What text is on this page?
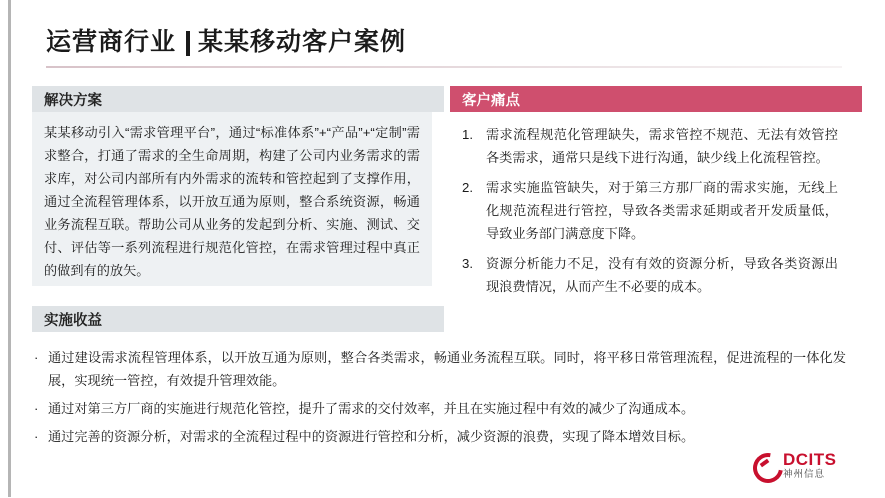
运营商行业 某某移动客户案例
解决方案
某某移动引入“需求管理平台”，通过“标准体系”+“产品”+“定制”需求整合，打通了需求的全生命周期，构建了公司内业务需求的需求库，对公司内部所有内外需求的流转和管控起到了支撑作用，通过全流程管理体系，以开放互通为原则，整合系统资源，畅通业务流程互联。帮助公司从业务的发起到分析、实施、测试、交付、评估等一系列流程进行规范化管控，在需求管理过程中真正的做到有的放矢。
客户痛点
1. 需求流程规范化管理缺失，需求管控不规范、无法有效管控各类需求，通常只是线下进行沟通，缺少线上化流程管控。
2. 需求实施监管缺失，对于第三方那厂商的需求实施，无线上化规范流程进行管控，导致各类需求延期或者开发质量低，导致业务部门满意度下降。
3. 资源分析能力不足，没有有效的资源分析，导致各类资源出现浪费情况，从而产生不必要的成本。
实施收益
· 通过建设需求流程管理体系，以开放互通为原则，整合各类需求，畅通业务流程互联。同时，将平移日常管理流程，促进流程的一体化发展，实现统一管控，有效提升管理效能。
· 通过对第三方厂商的实施进行规范化管控，提升了需求的交付效率，并且在实施过程中有效的减少了沟通成本。
· 通过完善的资源分析，对需求的全流程过程中的资源进行管控和分析，减少资源的浪费，实现了降本增效目标。
DCITS
神州信息
